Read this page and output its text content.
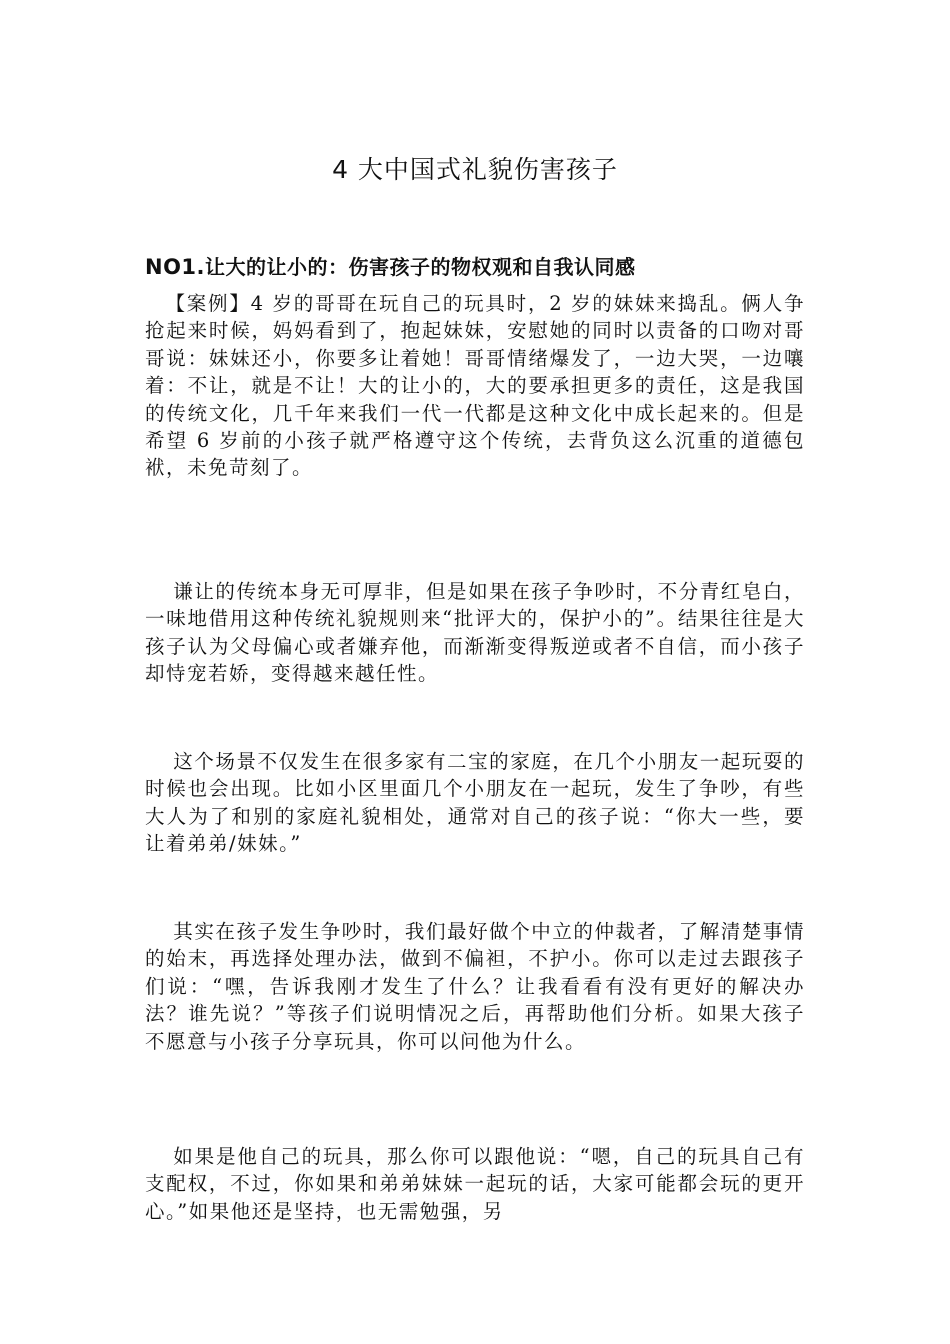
4 大中国式礼貌伤害孩子
NO1.让大的让小的：伤害孩子的物权观和自我认同感

【案例】4 岁的哥哥在玩自己的玩具时，2 岁的妹妹来捣乱。俩人争抢起来时候，妈妈看到了，抱起妹妹，安慰她的同时以责备的口吻对哥哥说：妹妹还小，你要多让着她！哥哥情绪爆发了，一边大哭，一边嚷着：不让，就是不让！大的让小的，大的要承担更多的责任，这是我国的传统文化，几千年来我们一代一代都是这种文化中成长起来的。但是希望 6 岁前的小孩子就严格遵守这个传统，去背负这么沉重的道德包袱，未免苛刻了。

谦让的传统本身无可厚非，但是如果在孩子争吵时，不分青红皂白，一味地借用这种传统礼貌规则来“批评大的，保护小的”。结果往往是大孩子认为父母偏心或者嫌弃他，而渐渐变得叛逆或者不自信，而小孩子却恃宠若娇，变得越来越任性。

这个场景不仅发生在很多家有二宝的家庭，在几个小朋友一起玩耍的时候也会出现。比如小区里面几个小朋友在一起玩，发生了争吵，有些大人为了和别的家庭礼貌相处，通常对自己的孩子说：“你大一些，要让着弟弟/妹妹。”

其实在孩子发生争吵时，我们最好做个中立的仲裁者，了解清楚事情的始末，再选择处理办法，做到不偏袒，不护小。你可以走过去跟孩子们说：“嘿，告诉我刚才发生了什么？让我看看有没有更好的解决办法？谁先说？”等孩子们说明情况之后，再帮助他们分析。如果大孩子不愿意与小孩子分享玩具，你可以问他为什么。

如果是他自己的玩具，那么你可以跟他说：“嗯，自己的玩具自己有支配权，不过，你如果和弟弟妹妹一起玩的话，大家可能都会玩的更开心。”如果他还是坚持，也无需勉强，另
